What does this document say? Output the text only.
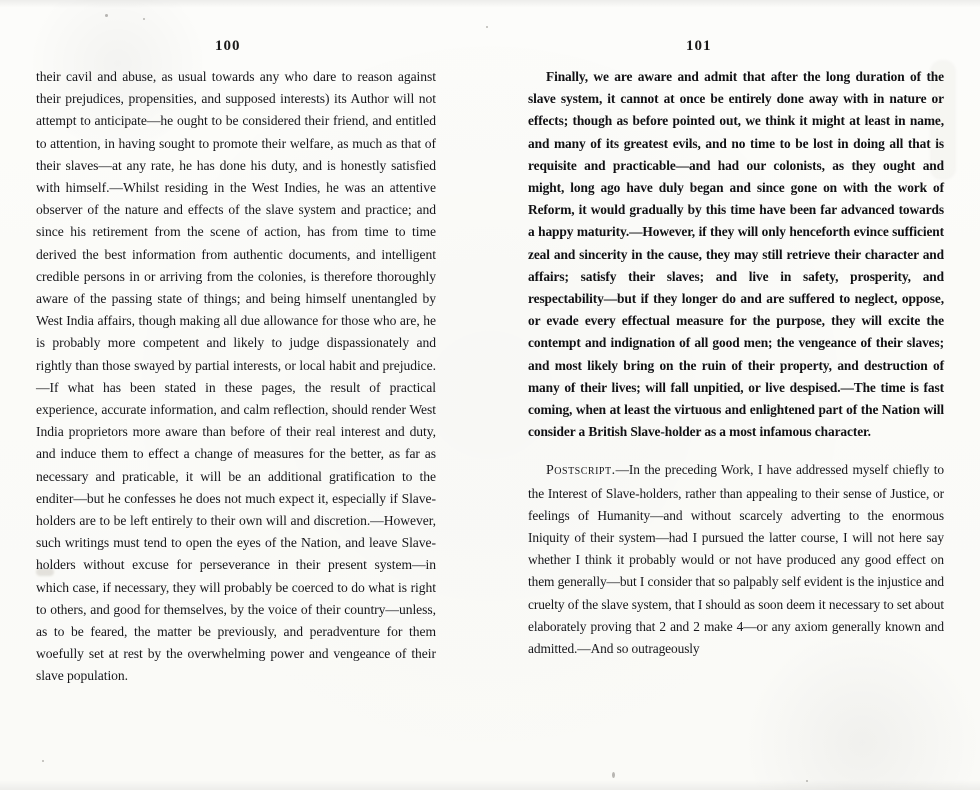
100	101

their cavil and abuse, as usual towards any who dare to reason against their prejudices, propensities, and supposed interests) its Author will not attempt to anticipate—he ought to be considered their friend, and entitled to attention, in having sought to promote their welfare, as much as that of their slaves—at any rate, he has done his duty, and is honestly satisfied with himself.—Whilst residing in the West Indies, he was an attentive observer of the nature and effects of the slave system and practice; and since his retirement from the scene of action, has from time to time derived the best information from authentic documents, and intelligent credible persons in or arriving from the colonies, is therefore thoroughly aware of the passing state of things; and being himself unentangled by West India affairs, though making all due allowance for those who are, he is probably more competent and likely to judge dispassionately and rightly than those swayed by partial interests, or local habit and prejudice.—If what has been stated in these pages, the result of practical experience, accurate information, and calm reflection, should render West India proprietors more aware than before of their real interest and duty, and induce them to effect a change of measures for the better, as far as necessary and praticable, it will be an additional gratification to the enditer—but he confesses he does not much expect it, especially if Slave-holders are to be left entirely to their own will and discretion.—However, such writings must tend to open the eyes of the Nation, and leave Slave-holders without excuse for perseverance in their present system—in which case, if necessary, they will probably be coerced to do what is right to others, and good for themselves, by the voice of their country—unless, as to be feared, the matter be previously, and peradventure for them woefully set at rest by the overwhelming power and vengeance of their slave population.

Finally, we are aware and admit that after the long duration of the slave system, it cannot at once be entirely done away with in nature or effects; though as before pointed out, we think it might at least in name, and many of its greatest evils, and no time to be lost in doing all that is requisite and practicable—and had our colonists, as they ought and might, long ago have duly began and since gone on with the work of Reform, it would gradually by this time have been far advanced towards a happy maturity.—However, if they will only henceforth evince sufficient zeal and sincerity in the cause, they may still retrieve their character and affairs; satisfy their slaves; and live in safety, prosperity, and respectability—but if they longer do and are suffered to neglect, oppose, or evade every effectual measure for the purpose, they will excite the contempt and indignation of all good men; the vengeance of their slaves; and most likely bring on the ruin of their property, and destruction of many of their lives; will fall unpitied, or live despised.—The time is fast coming, when at least the virtuous and enlightened part of the Nation will consider a British Slave-holder as a most infamous character.

Postscript.—In the preceding Work, I have addressed myself chiefly to the Interest of Slave-holders, rather than appealing to their sense of Justice, or feelings of Humanity—and without scarcely adverting to the enormous Iniquity of their system—had I pursued the latter course, I will not here say whether I think it probably would or not have produced any good effect on them generally—but I consider that so palpably self evident is the injustice and cruelty of the slave system, that I should as soon deem it necessary to set about elaborately proving that 2 and 2 make 4—or any axiom generally known and admitted.—And so outrageously
